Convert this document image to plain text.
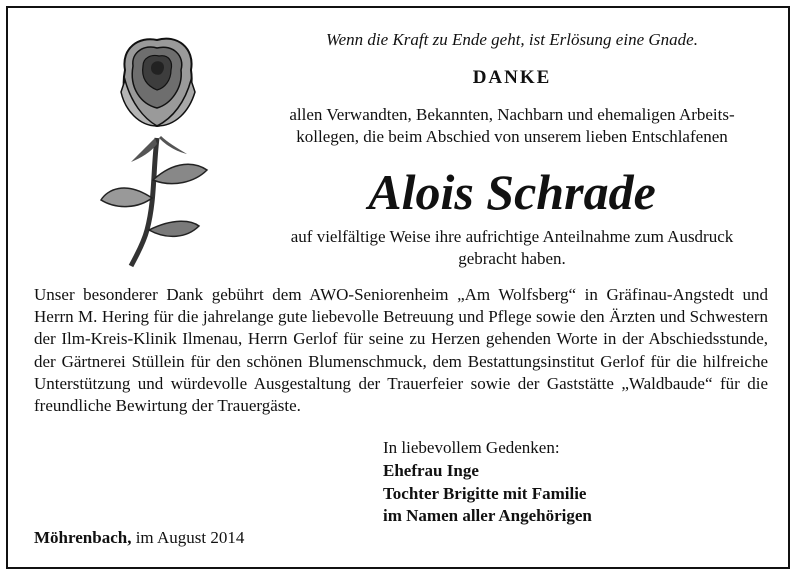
Wenn die Kraft zu Ende geht, ist Erlösung eine Gnade.
DANKE
allen Verwandten, Bekannten, Nachbarn und ehemaligen Arbeits-
kollegen, die beim Abschied von unserem lieben Entschlafenen
Alois Schrade
auf vielfältige Weise ihre aufrichtige Anteilnahme zum Ausdruck
gebracht haben.
Unser besonderer Dank gebührt dem AWO-Seniorenheim „Am Wolfsberg“ in Gräfinau-Angstedt und Herrn M. Hering für die jahrelange gute liebevolle Betreuung und Pflege sowie den Ärzten und Schwestern der Ilm-Kreis-Klinik Ilmenau, Herrn Gerlof für seine zu Herzen gehenden Worte in der Abschiedsstunde, der Gärtnerei Stüllein für den schönen Blumenschmuck, dem Bestattungsinstitut Gerlof für die hilfreiche Unterstützung und würdevolle Ausgestaltung der Trauerfeier sowie der Gaststätte „Waldbaude“ für die freundliche Bewirtung der Trauergäste.
In liebevollem Gedenken:
Ehefrau Inge
Tochter Brigitte mit Familie
im Namen aller Angehörigen
Möhrenbach, im August 2014
